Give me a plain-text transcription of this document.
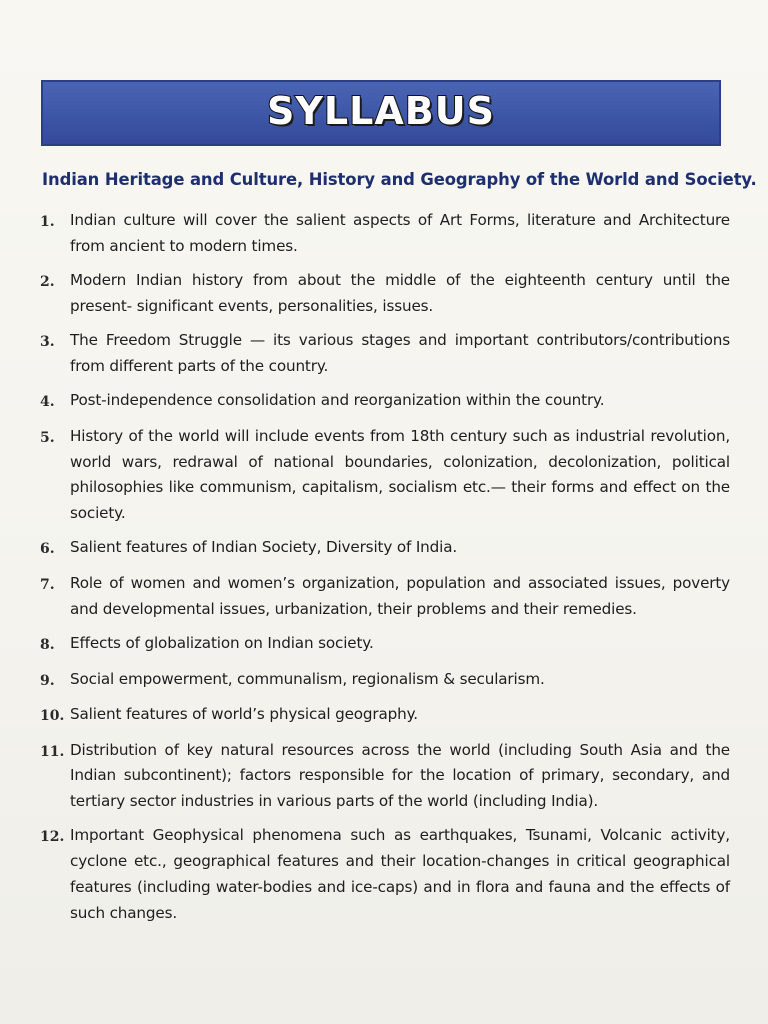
SYLLABUS
Indian Heritage and Culture, History and Geography of the World and Society.
1.	Indian culture will cover the salient aspects of Art Forms, literature and Architecture from ancient to modern times.
2.	Modern Indian history from about the middle of the eighteenth century until the present- significant events, personalities, issues.
3.	The Freedom Struggle — its various stages and important contributors/contributions from different parts of the country.
4.	Post-independence consolidation and reorganization within the country.
5.	History of the world will include events from 18th century such as industrial revolution, world wars, redrawal of national boundaries, colonization, decolonization, political philosophies like communism, capitalism, socialism etc.— their forms and effect on the society.
6.	Salient features of Indian Society, Diversity of India.
7.	Role of women and women’s organization, population and associated issues, poverty and developmental issues, urbanization, their problems and their remedies.
8.	Effects of globalization on Indian society.
9.	Social empowerment, communalism, regionalism & secularism.
10. Salient features of world’s physical geography.
11. Distribution of key natural resources across the world (including South Asia and the Indian subcontinent); factors responsible for the location of primary, secondary, and tertiary sector industries in various parts of the world (including India).
12. Important Geophysical phenomena such as earthquakes, Tsunami, Volcanic activity, cyclone etc., geographical features and their location-changes in critical geographical features (including water-bodies and ice-caps) and in flora and fauna and the effects of such changes.
